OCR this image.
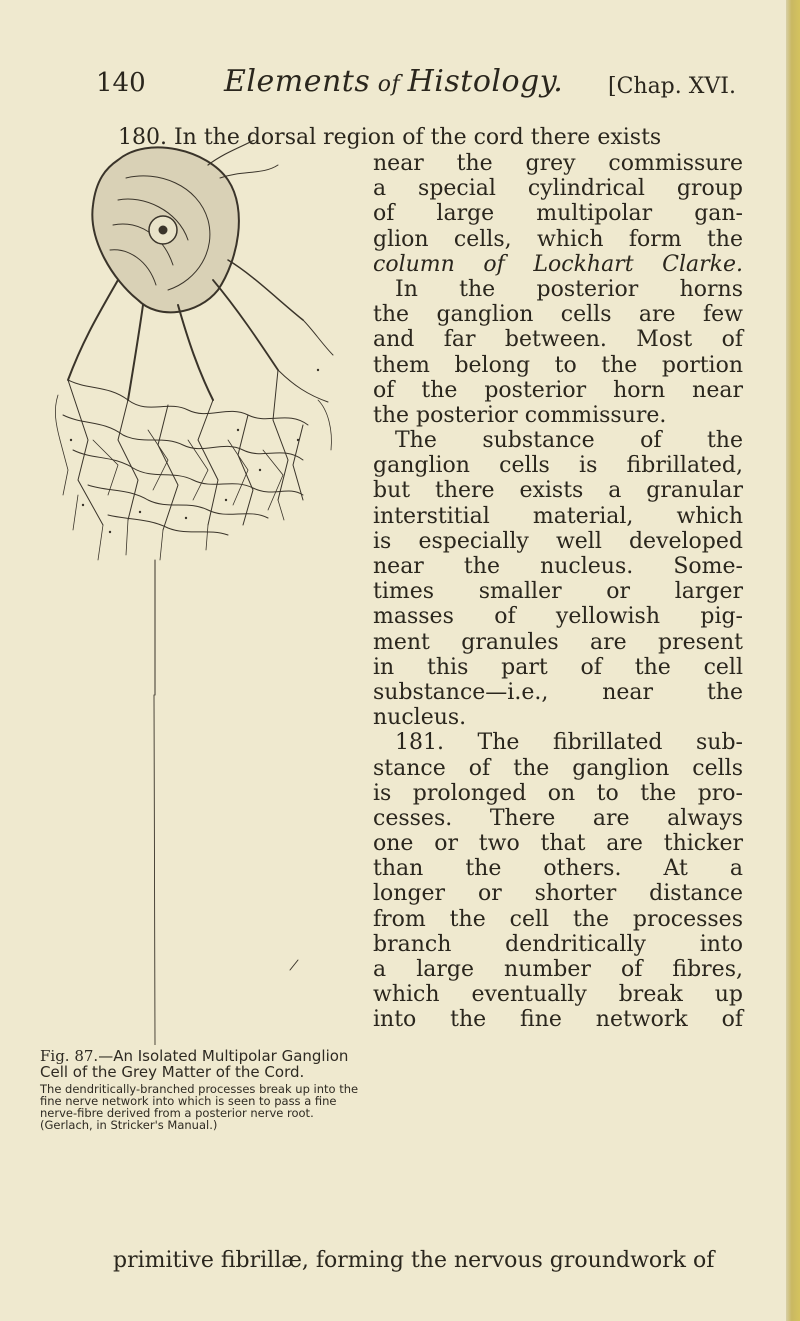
140	Elements of Histology. [Chap. XVI.
180. In the dorsal region of the cord there exists
near the grey commissure
a special cylindrical group
of large multipolar gan-
glion cells, which form the
column of Lockhart Clarke.
In the posterior horns
the ganglion cells are few
and far between. Most of
them belong to the portion
of the posterior horn near
the posterior commissure.
The substance of the
ganglion cells is fibrillated,
but there exists a granular
interstitial material, which
is especially well developed
near the nucleus. Some-
times smaller or larger
masses of yellowish pig-
ment granules are present
in this part of the cell
substance—i.e., near the
nucleus.
181. The fibrillated sub-
stance of the ganglion cells
is prolonged on to the pro-
cesses. There are always
one or two that are thicker
than the others. At a
longer or shorter distance
from the cell the processes
branch dendritically into
a large number of fibres,
which eventually break up
into the fine network of
primitive fibrillæ, forming the nervous groundwork of
Fig. 87.—An Isolated Multipolar Ganglion Cell of the Grey Matter of the Cord.
The dendritically-branched processes break up into the fine nerve network into which is seen to pass a fine nerve-fibre derived from a posterior nerve root. (Gerlach, in Stricker's Manual.)
